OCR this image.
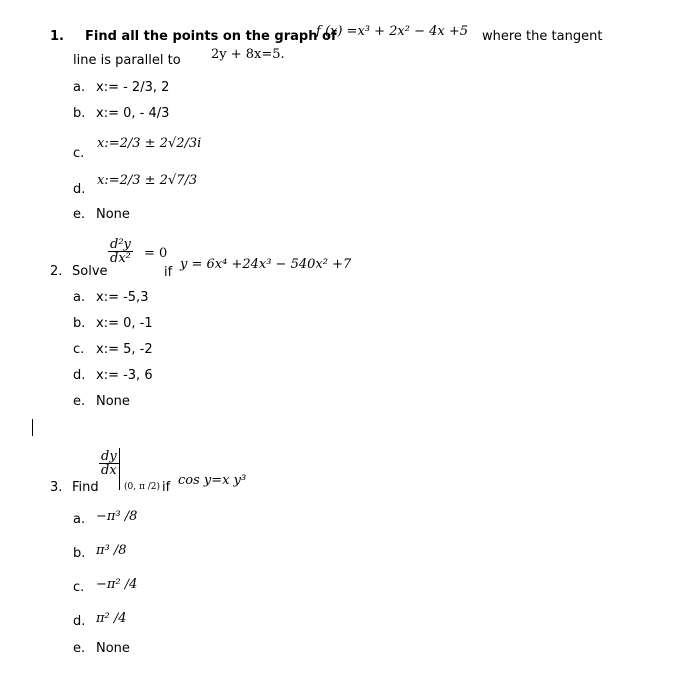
1. Find all the points on the graph of
f (x) =x³ + 2x² − 4x +5 where the tangent
line is parallel to 2y + 8x=5.
a. x:= - 2/3, 2
b. x:= 0, - 4/3
c.
x:=2/3 ± 2√2/3i
d.
x:=2/3 ± 2√7/3
e. None
2. Solve
$\frac{\text{d²y}}{\text{dx²}} = 0$
if
y = 6x⁴ +24x³ − 540x² +7
a. x:= -5,3
b. x:= 0, -1
c. x:= 5, -2
d. x:= -3, 6
e. None
3. Find
$\frac{dy}{dx}$
(0, π /2) if cos y=x y³
a. −π³ /8
b. π³ /8
c. −π² /4
d. π² /4
e. None
